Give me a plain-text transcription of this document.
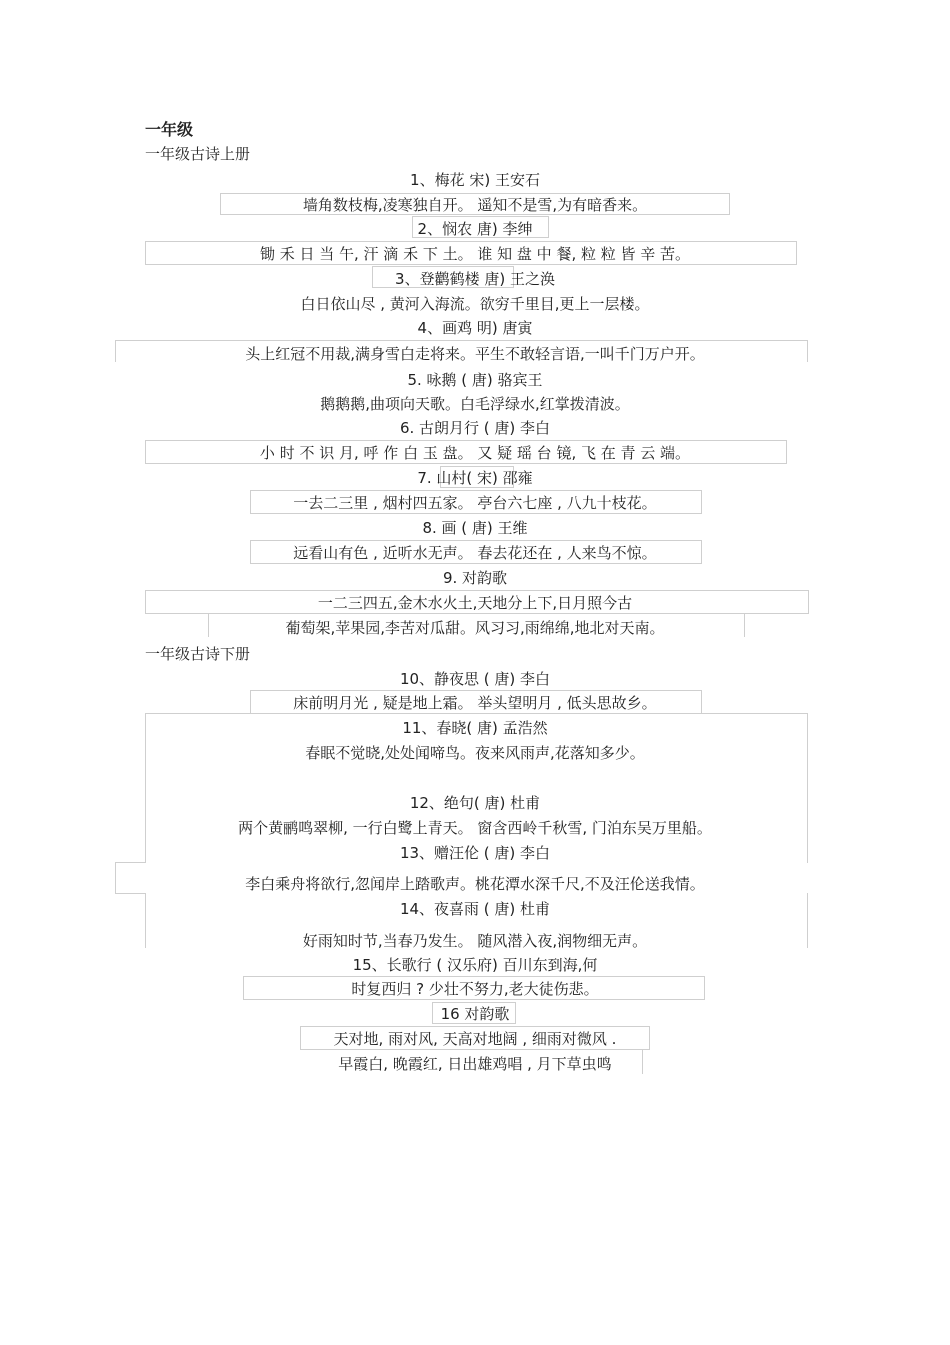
一年级
一年级古诗上册
1、梅花 宋) 王安石
墙角数枝梅,凌寒独自开。 遥知不是雪,为有暗香来。
2、悯农 唐) 李绅
锄 禾 日 当 午, 汗 滴 禾 下 土。 谁 知 盘 中 餐, 粒 粒 皆 辛 苦。
3、登鹳鹤楼 唐) 王之涣
白日依山尽 , 黄河入海流。欲穷千里目,更上一层楼。
4、画鸡 明) 唐寅
头上红冠不用裁,满身雪白走将来。平生不敢轻言语,一叫千门万户开。
5. 咏鹅 ( 唐) 骆宾王
鹅鹅鹅,曲项向天歌。白毛浮绿水,红掌拨清波。
6. 古朗月行 ( 唐) 李白
小 时 不 识 月, 呼 作 白 玉 盘。 又 疑 瑶 台 镜, 飞 在 青 云 端。
7. 山村( 宋) 邵雍
一去二三里 , 烟村四五家。 亭台六七座 , 八九十枝花。
8. 画 ( 唐) 王维
远看山有色 , 近听水无声。 春去花还在 , 人来鸟不惊。
9. 对韵歌
一二三四五,金木水火土,天地分上下,日月照今古
葡萄架,苹果园,李苦对瓜甜。风习习,雨绵绵,地北对天南。
一年级古诗下册
10、静夜思 ( 唐) 李白
床前明月光 , 疑是地上霜。 举头望明月 , 低头思故乡。
11、春晓( 唐) 孟浩然
春眠不觉晓,处处闻啼鸟。夜来风雨声,花落知多少。
12、绝句( 唐) 杜甫
两个黄鹂鸣翠柳, 一行白鹭上青天。 窗含西岭千秋雪, 门泊东吴万里船。
13、赠汪伦 ( 唐) 李白
李白乘舟将欲行,忽闻岸上踏歌声。桃花潭水深千尺,不及汪伦送我情。
14、夜喜雨 ( 唐) 杜甫
好雨知时节,当春乃发生。 随风潜入夜,润物细无声。
15、长歌行 ( 汉乐府) 百川东到海,何
时复西归 ? 少壮不努力,老大徒伤悲。
16 对韵歌
天对地, 雨对风, 天高对地阔 , 细雨对微风 .
早霞白, 晚霞红, 日出雄鸡唱 , 月下草虫鸣
